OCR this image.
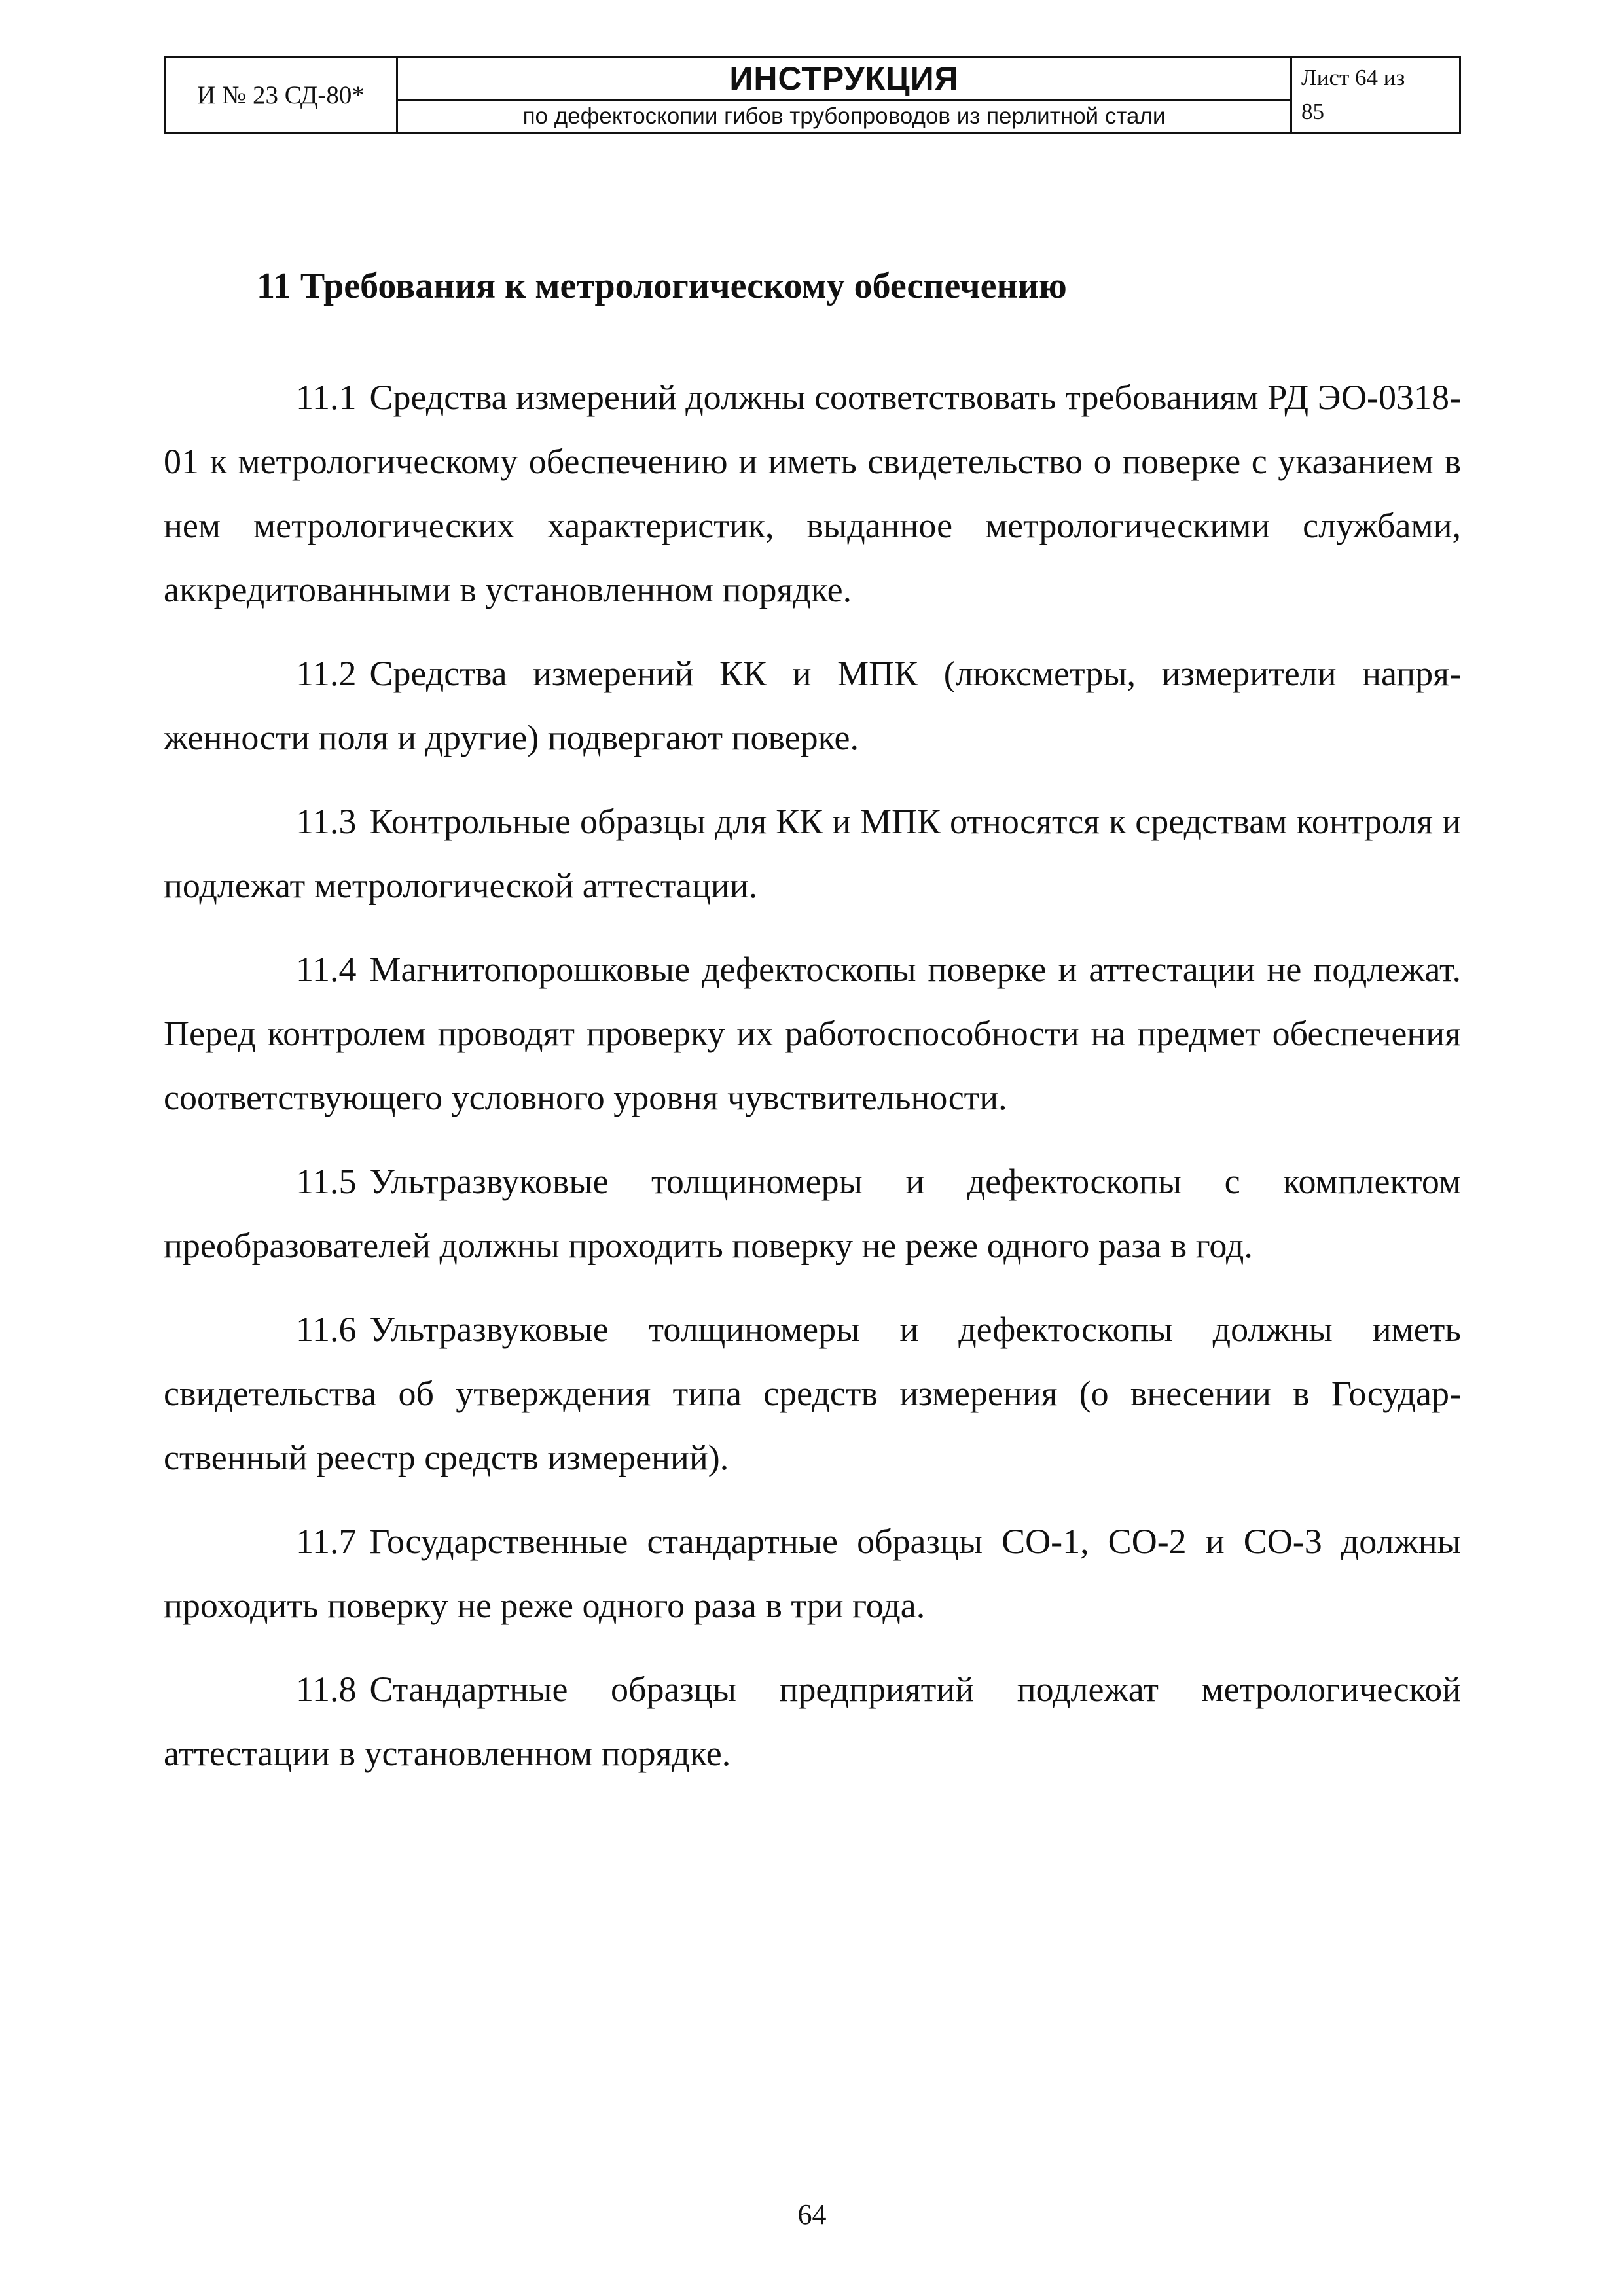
И № 23 СД-80*	ИНСТРУКЦИЯ
по дефектоскопии гибов трубопроводов из перлитной стали
Лист 64 из
85
11 Требования к метрологическому обеспечению

11.1 Средства измерений должны соответствовать требованиям РД ЭО-0318-01 к метрологическому обеспечению и иметь свидетельство о поверке с указанием в нем метрологических характеристик, выданное метрологическими службами, аккредитованными в установленном порядке.

11.2 Средства измерений КК и МПК (люксметры, измерители напряженности поля и другие) подвергают поверке.

11.3 Контрольные образцы для КК и МПК относятся к средствам контроля и подлежат метрологической аттестации.

11.4 Магнитопорошковые дефектоскопы поверке и аттестации не подлежат. Перед контролем проводят проверку их работоспособности на предмет обеспечения соответствующего условного уровня чувствительности.

11.5 Ультразвуковые толщиномеры и дефектоскопы с комплектом преобразователей должны проходить поверку не реже одного раза в год.

11.6 Ультразвуковые толщиномеры и дефектоскопы должны иметь свидетельства об утверждения типа средств измерения (о внесении в Государственный реестр средств измерений).

11.7 Государственные стандартные образцы СО-1, СО-2 и СО-3 должны проходить поверку не реже одного раза в три года.

11.8 Стандартные образцы предприятий подлежат метрологической аттестации в установленном порядке.

64
